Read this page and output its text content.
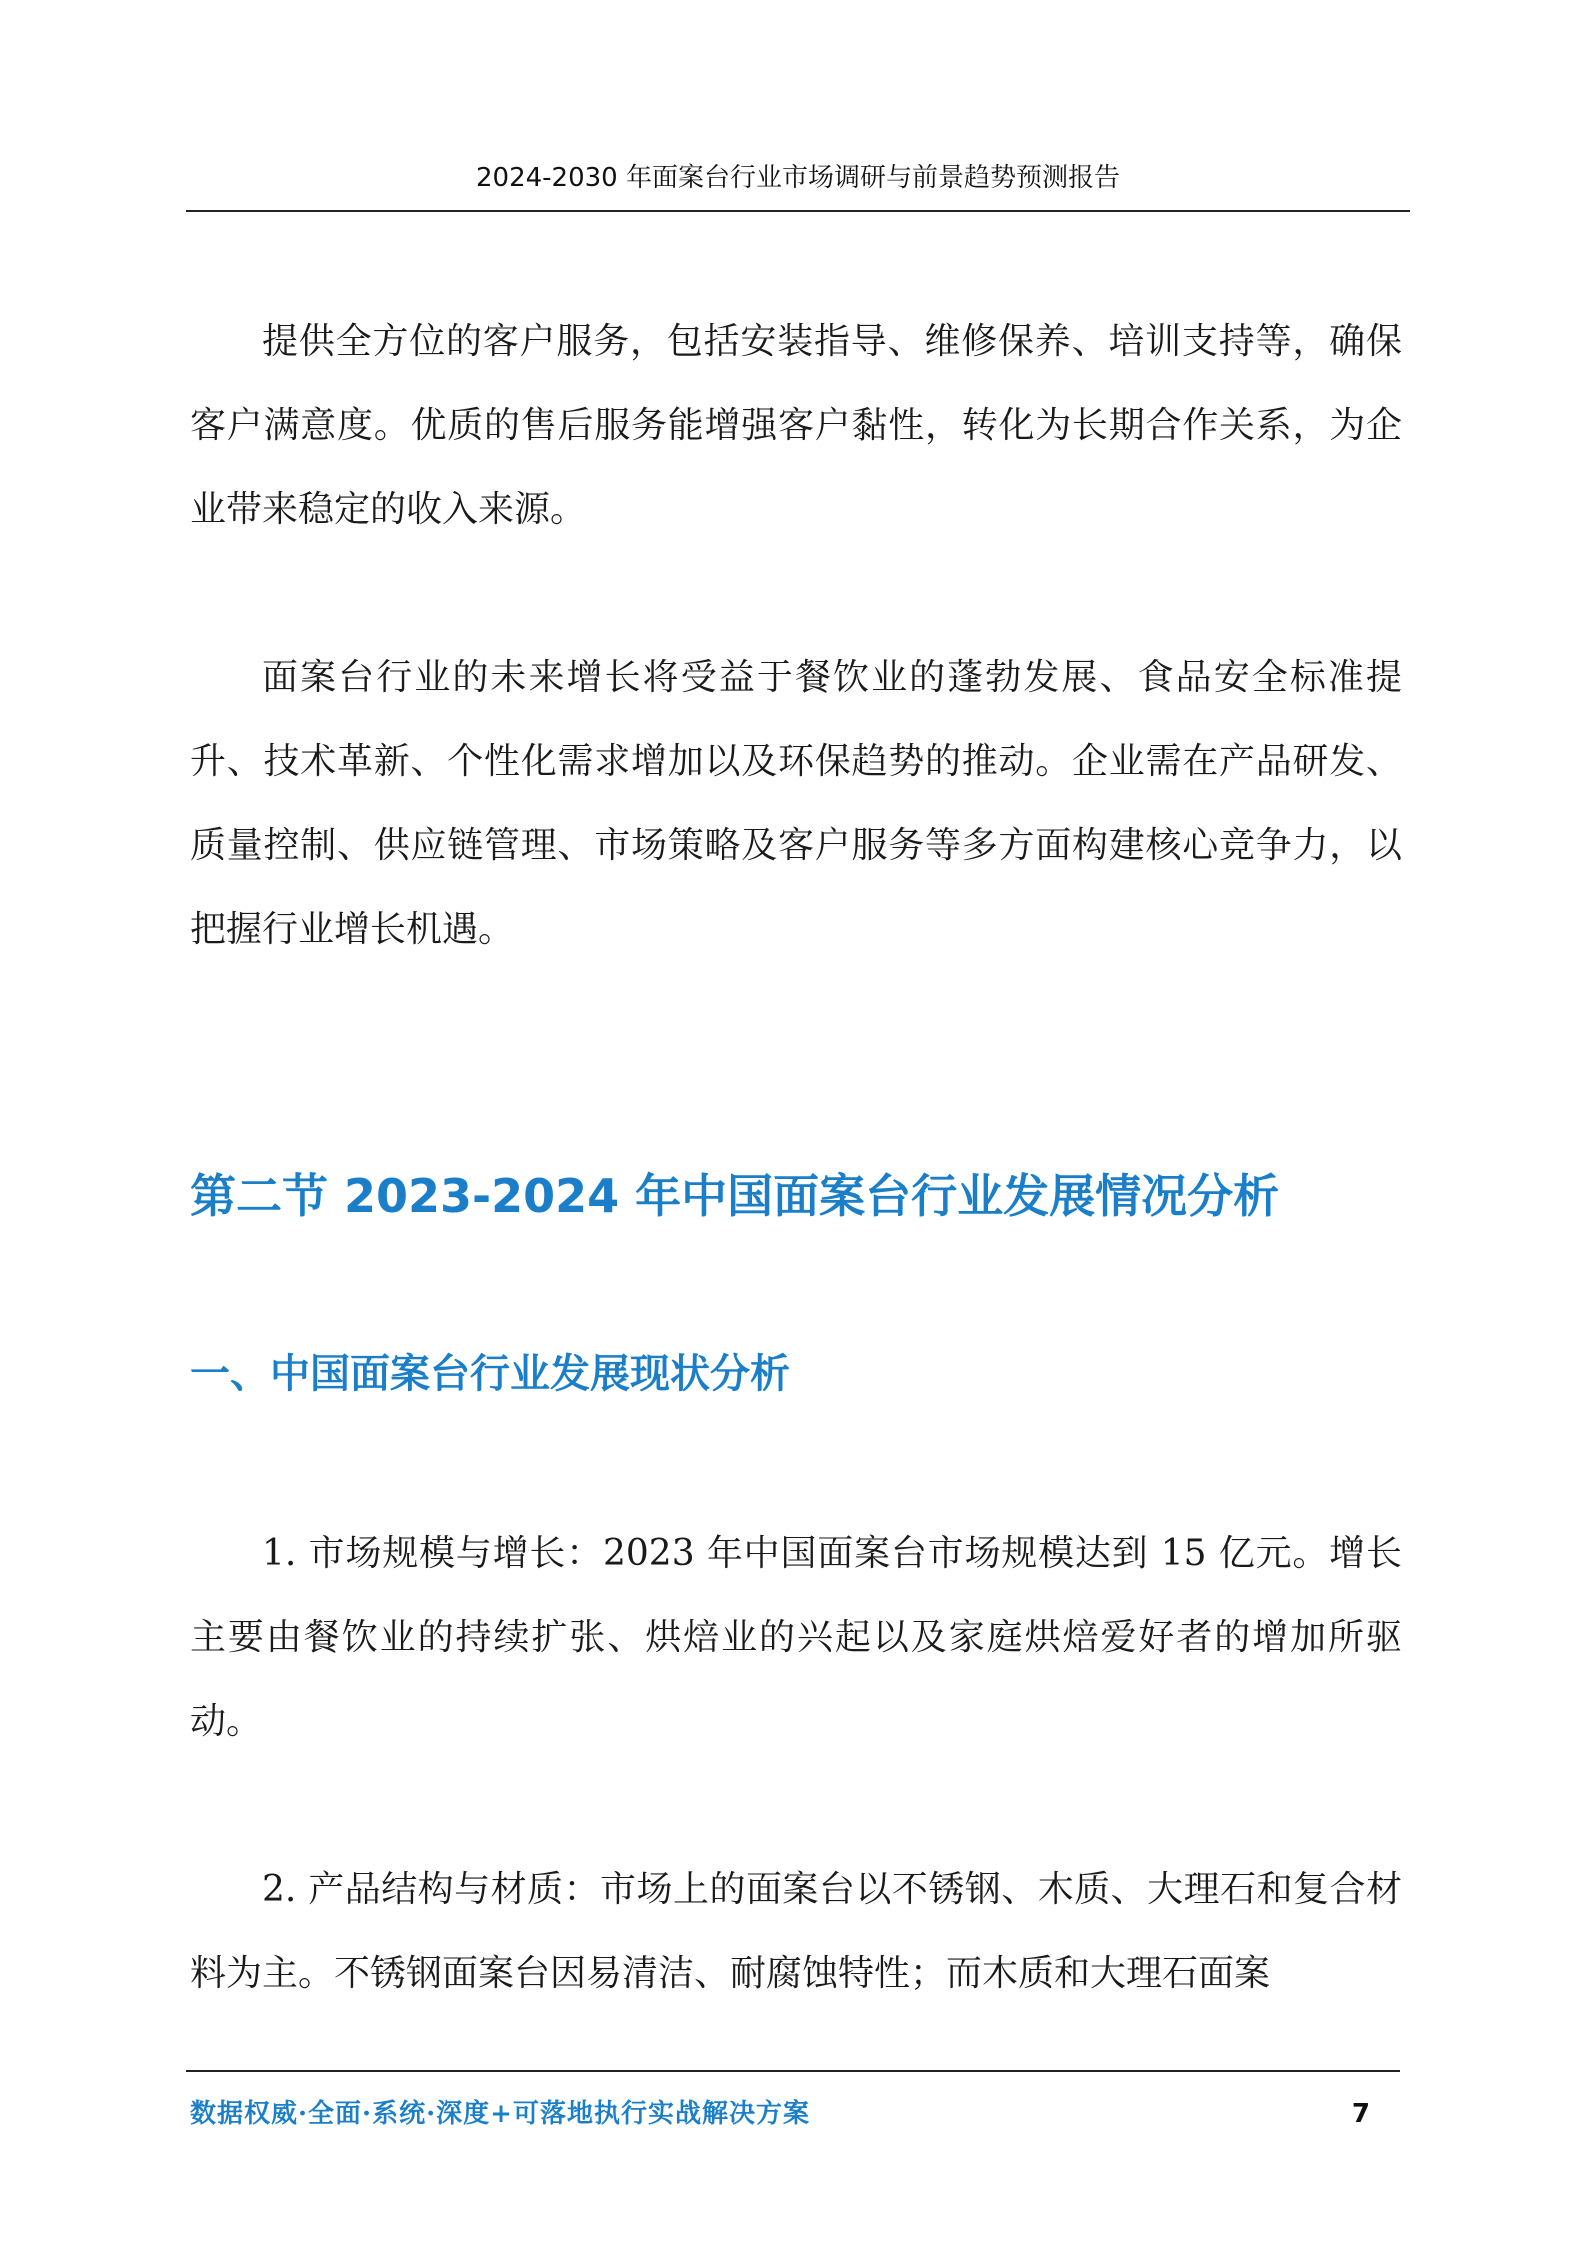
2024-2030 年面案台行业市场调研与前景趋势预测报告

提供全方位的客户服务，包括安装指导、维修保养、培训支持等，确保客户满意度。优质的售后服务能增强客户黏性，转化为长期合作关系，为企业带来稳定的收入来源。

面案台行业的未来增长将受益于餐饮业的蓬勃发展、食品安全标准提升、技术革新、个性化需求增加以及环保趋势的推动。企业需在产品研发、质量控制、供应链管理、市场策略及客户服务等多方面构建核心竞争力，以把握行业增长机遇。

第二节 2023-2024 年中国面案台行业发展情况分析
一、中国面案台行业发展现状分析

1. 市场规模与增长：2023 年中国面案台市场规模达到 15 亿元。增长主要由餐饮业的持续扩张、烘焙业的兴起以及家庭烘焙爱好者的增加所驱动。

2. 产品结构与材质：市场上的面案台以不锈钢、木质、大理石和复合材料为主。不锈钢面案台因易清洁、耐腐蚀特性；而木质和大理石面案

数据权威·全面·系统·深度+可落地执行实战解决方案	7
